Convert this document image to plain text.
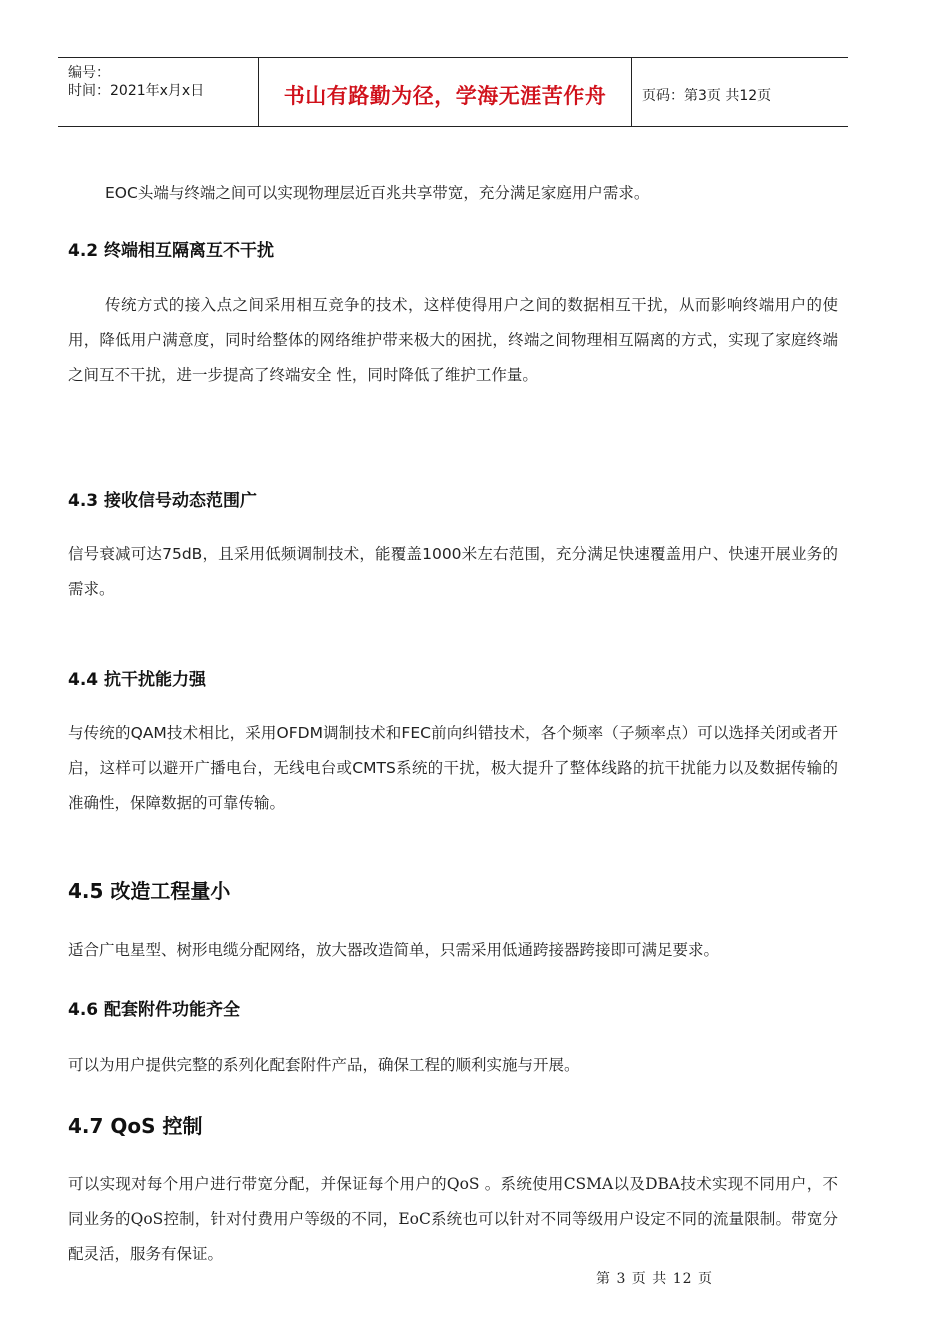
编号：
时间：2021年x月x日	书山有路勤为径，学海无涯苦作舟	页码：第3页 共12页

EOC头端与终端之间可以实现物理层近百兆共享带宽，充分满足家庭用户需求。

4.2 终端相互隔离互不干扰

传统方式的接入点之间采用相互竞争的技术，这样使得用户之间的数据相互干扰，从而影响终端用户的使用，降低用户满意度，同时给整体的网络维护带来极大的困扰，终端之间物理相互隔离的方式，实现了家庭终端之间互不干扰，进一步提高了终端安全 性，同时降低了维护工作量。

4.3 接收信号动态范围广

信号衰减可达75dB，且采用低频调制技术，能覆盖1000米左右范围，充分满足快速覆盖用户、快速开展业务的需求。

4.4 抗干扰能力强

与传统的QAM技术相比，采用OFDM调制技术和FEC前向纠错技术，各个频率（子频率点）可以选择关闭或者开启，这样可以避开广播电台，无线电台或CMTS系统的干扰，极大提升了整体线路的抗干扰能力以及数据传输的准确性，保障数据的可靠传输。

4.5 改造工程量小

适合广电星型、树形电缆分配网络，放大器改造简单，只需采用低通跨接器跨接即可满足要求。

4.6 配套附件功能齐全

可以为用户提供完整的系列化配套附件产品，确保工程的顺利实施与开展。

4.7 QoS 控制

可以实现对每个用户进行带宽分配，并保证每个用户的QoS 。系统使用CSMA以及DBA技术实现不同用户，不同业务的QoS控制，针对付费用户等级的不同，EoC系统也可以针对不同等级用户设定不同的流量限制。带宽分配灵活，服务有保证。

第 3 页 共 12 页
